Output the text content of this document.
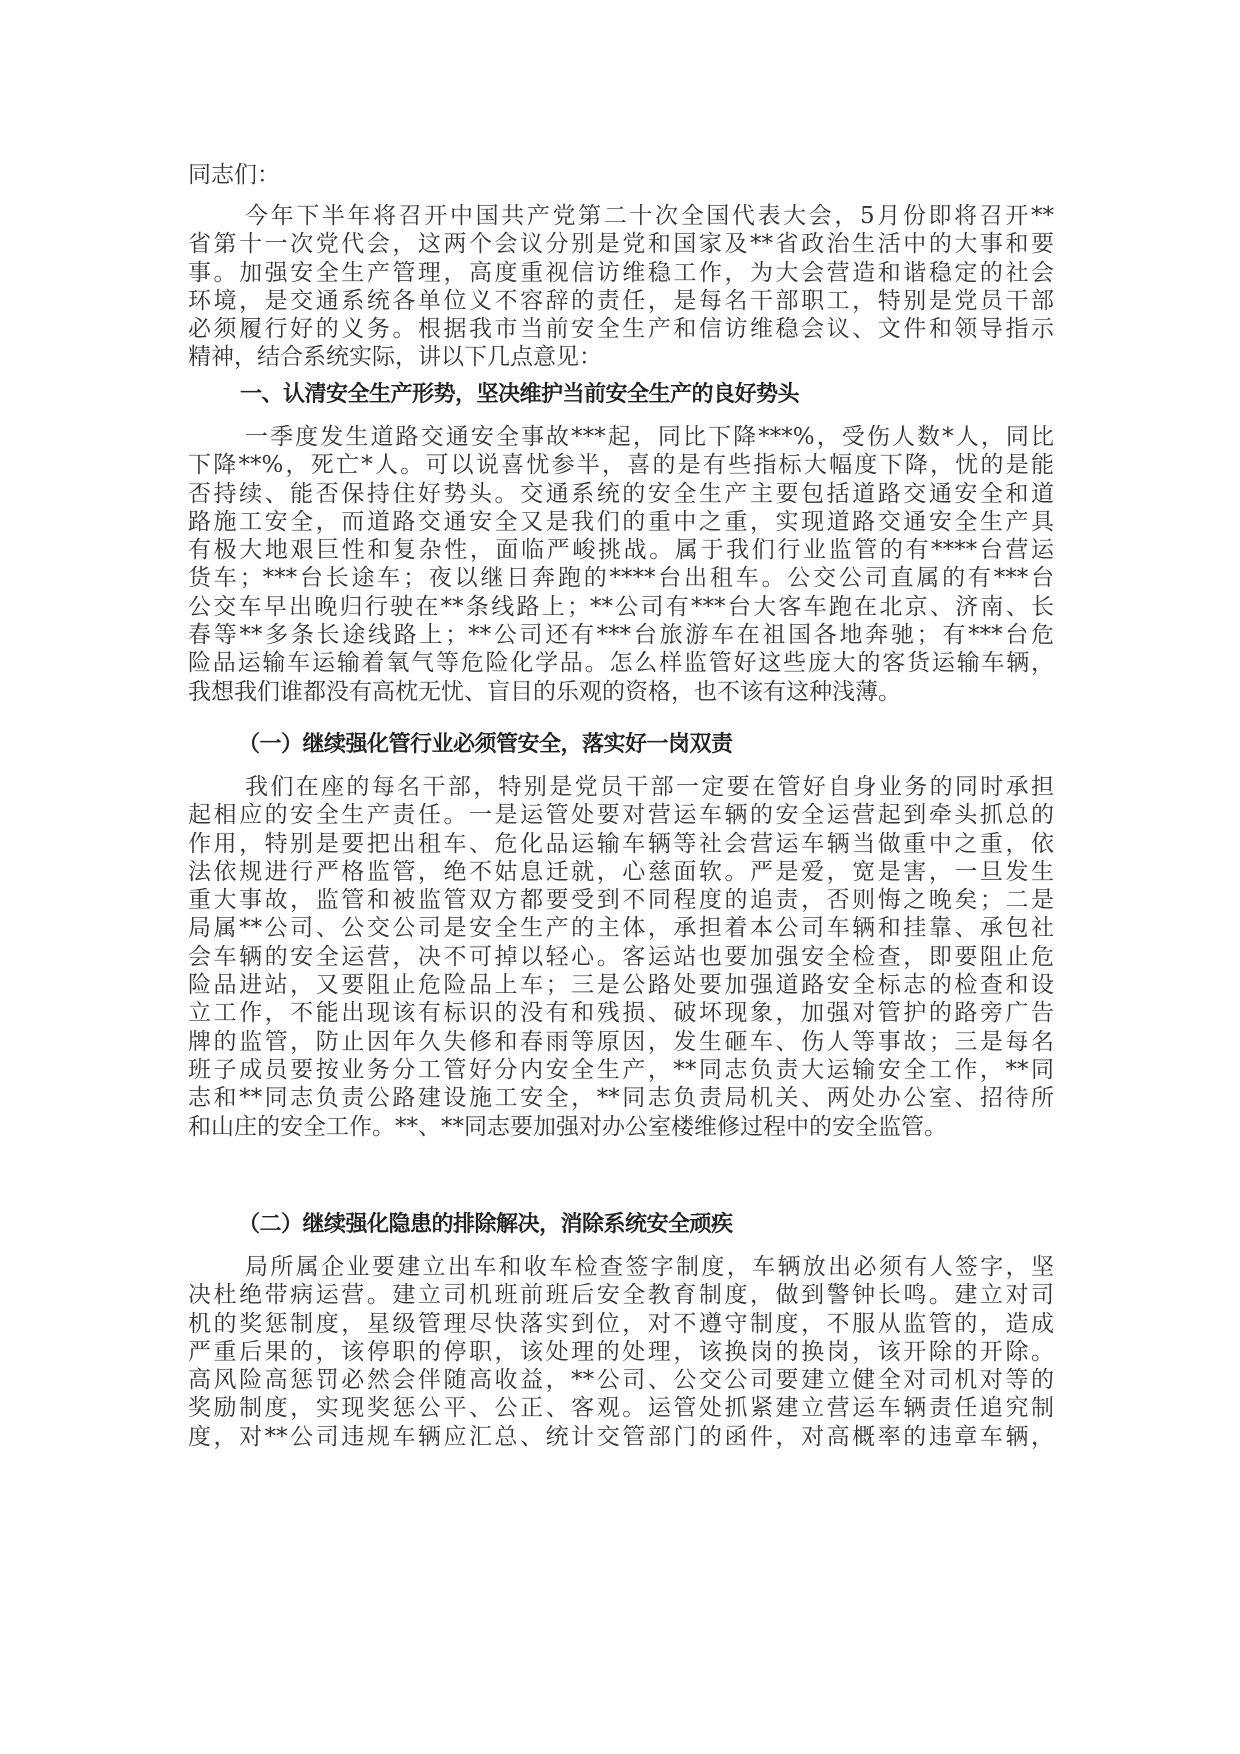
同志们：
今年下半年将召开中国共产党第二十次全国代表大会，5月份即将召开**
省第十一次党代会，这两个会议分别是党和国家及**省政治生活中的大事和要
事。加强安全生产管理，高度重视信访维稳工作，为大会营造和谐稳定的社会
环境，是交通系统各单位义不容辞的责任，是每名干部职工，特别是党员干部
必须履行好的义务。根据我市当前安全生产和信访维稳会议、文件和领导指示
精神，结合系统实际，讲以下几点意见：
一、认清安全生产形势，坚决维护当前安全生产的良好势头
一季度发生道路交通安全事故***起，同比下降***%，受伤人数*人，同比
下降**%，死亡*人。可以说喜忧参半，喜的是有些指标大幅度下降，忧的是能
否持续、能否保持住好势头。交通系统的安全生产主要包括道路交通安全和道
路施工安全，而道路交通安全又是我们的重中之重，实现道路交通安全生产具
有极大地艰巨性和复杂性，面临严峻挑战。属于我们行业监管的有****台营运
货车；***台长途车；夜以继日奔跑的****台出租车。公交公司直属的有***台
公交车早出晚归行驶在**条线路上；**公司有***台大客车跑在北京、济南、长
春等**多条长途线路上；**公司还有***台旅游车在祖国各地奔驰；有***台危
险品运输车运输着氧气等危险化学品。怎么样监管好这些庞大的客货运输车辆，
我想我们谁都没有高枕无忧、盲目的乐观的资格，也不该有这种浅薄。
（一）继续强化管行业必须管安全，落实好一岗双责
我们在座的每名干部，特别是党员干部一定要在管好自身业务的同时承担
起相应的安全生产责任。一是运管处要对营运车辆的安全运营起到牵头抓总的
作用，特别是要把出租车、危化品运输车辆等社会营运车辆当做重中之重，依
法依规进行严格监管，绝不姑息迁就，心慈面软。严是爱，宽是害，一旦发生
重大事故，监管和被监管双方都要受到不同程度的追责，否则悔之晚矣；二是
局属**公司、公交公司是安全生产的主体，承担着本公司车辆和挂靠、承包社
会车辆的安全运营，决不可掉以轻心。客运站也要加强安全检查，即要阻止危
险品进站，又要阻止危险品上车；三是公路处要加强道路安全标志的检查和设
立工作，不能出现该有标识的没有和残损、破坏现象，加强对管护的路旁广告
牌的监管，防止因年久失修和春雨等原因，发生砸车、伤人等事故；三是每名
班子成员要按业务分工管好分内安全生产，**同志负责大运输安全工作，**同
志和**同志负责公路建设施工安全，**同志负责局机关、两处办公室、招待所
和山庄的安全工作。**、**同志要加强对办公室楼维修过程中的安全监管。
（二）继续强化隐患的排除解决，消除系统安全顽疾
局所属企业要建立出车和收车检查签字制度，车辆放出必须有人签字，坚
决杜绝带病运营。建立司机班前班后安全教育制度，做到警钟长鸣。建立对司
机的奖惩制度，星级管理尽快落实到位，对不遵守制度，不服从监管的，造成
严重后果的，该停职的停职，该处理的处理，该换岗的换岗，该开除的开除。
高风险高惩罚必然会伴随高收益，**公司、公交公司要建立健全对司机对等的
奖励制度，实现奖惩公平、公正、客观。运管处抓紧建立营运车辆责任追究制
度，对**公司违规车辆应汇总、统计交管部门的函件，对高概率的违章车辆，
